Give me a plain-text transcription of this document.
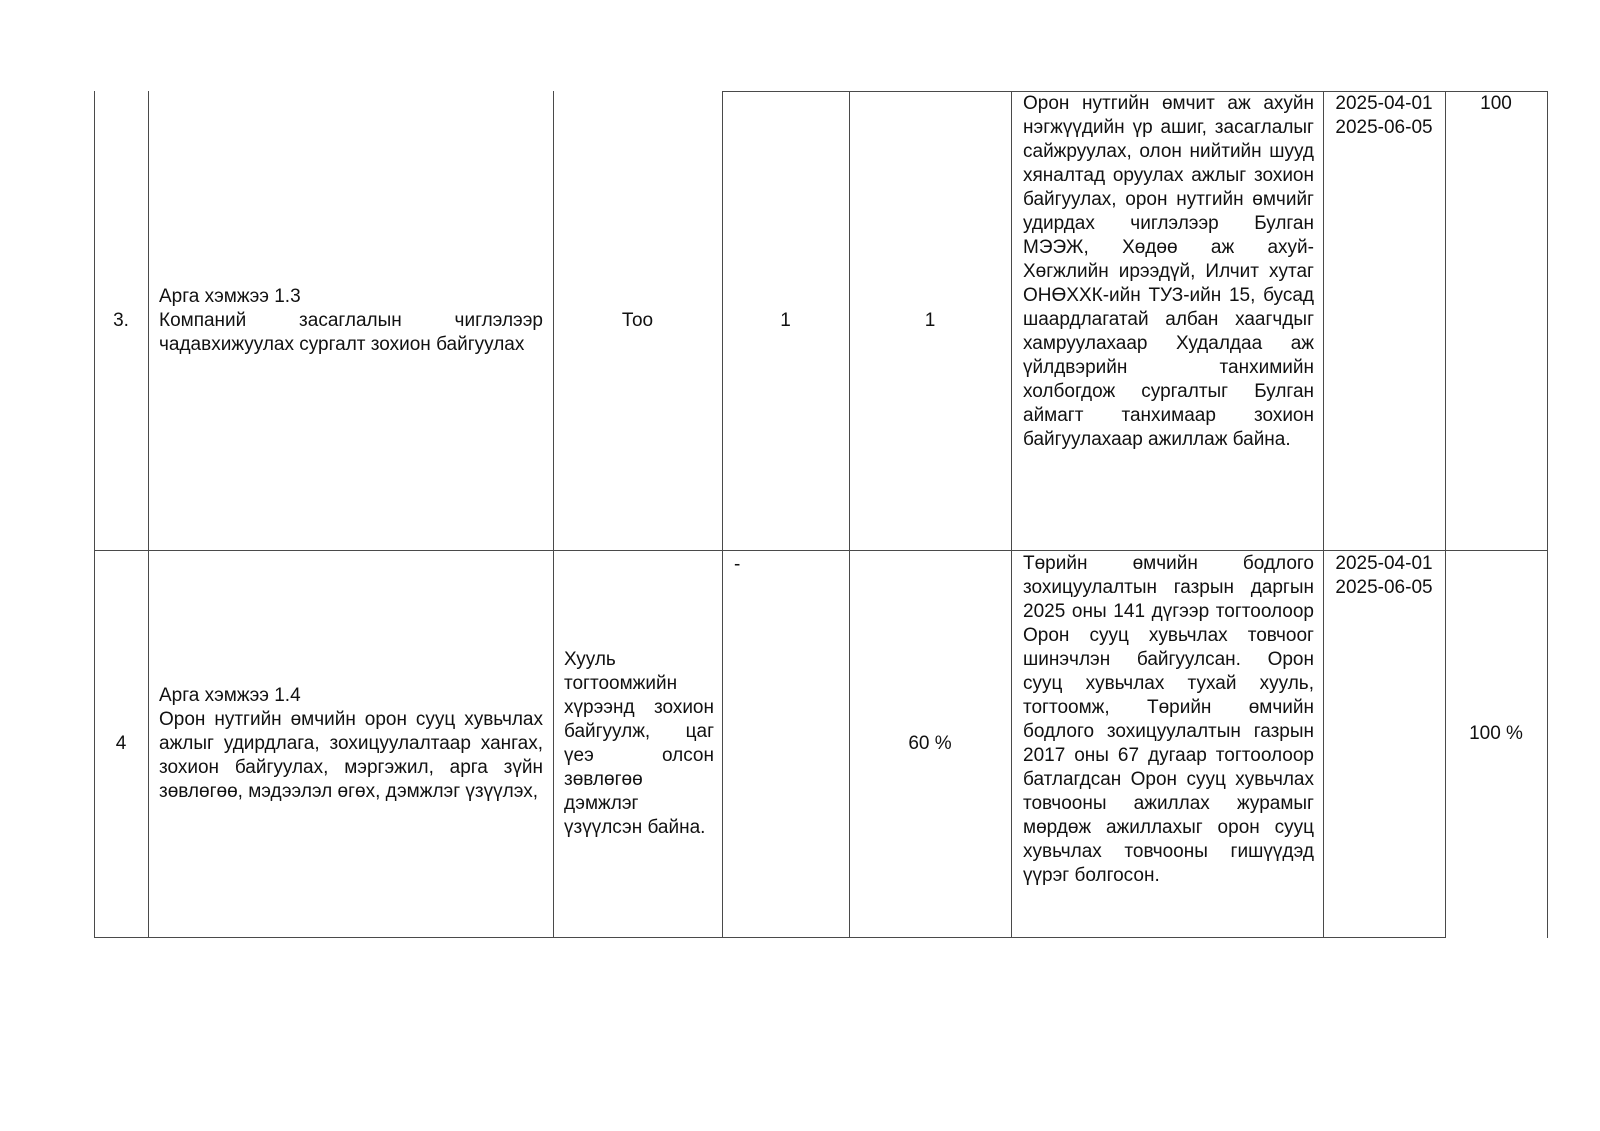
3.
Арга хэмжээ 1.3
Компаний засаглалын чиглэлээр чадавхижуулах сургалт зохион байгуулах
Тоо	1	1
Орон нутгийн өмчит аж ахуйн нэгжүүдийн үр ашиг, засаглалыг сайжруулах, олон нийтийн шууд хяналтад оруулах ажлыг зохион байгуулах, орон нутгийн өмчийг удирдах чиглэлээр Булган МЭЭЖ, Хөдөө аж ахуй-Хөгжлийн ирээдүй, Илчит хутаг ОНӨХХК-ийн ТУЗ-ийн 15, бусад шаардлагатай албан хаагчдыг хамруулахаар Худалдаа аж үйлдвэрийн танхимийн холбогдож сургалтыг Булган аймагт танхимаар зохион байгуулахаар ажиллаж байна.
2025-04-01
2025-06-05
100
4
Арга хэмжээ 1.4
Орон нутгийн өмчийн орон сууц хувьчлах ажлыг удирдлага, зохицуулалтаар хангах, зохион байгуулах, мэргэжил, арга зүйн зөвлөгөө, мэдээлэл өгөх, дэмжлэг үзүүлэх,
Хууль тогтоомжийн хүрээнд зохион байгуулж, цаг үеэ олсон зөвлөгөө дэмжлэг үзүүлсэн байна.
-
60 %
Төрийн өмчийн бодлого зохицуулалтын газрын даргын 2025 оны 141 дүгээр тогтоолоор Орон сууц хувьчлах товчоог шинэчлэн байгуулсан. Орон сууц хувьчлах тухай хууль, тогтоомж, Төрийн өмчийн бодлого зохицуулалтын газрын 2017 оны 67 дугаар тогтоолоор батлагдсан Орон сууц хувьчлах товчооны ажиллах журамыг мөрдөж ажиллахыг орон сууц хувьчлах товчооны гишүүдэд үүрэг болгосон.
2025-04-01
2025-06-05
100 %
